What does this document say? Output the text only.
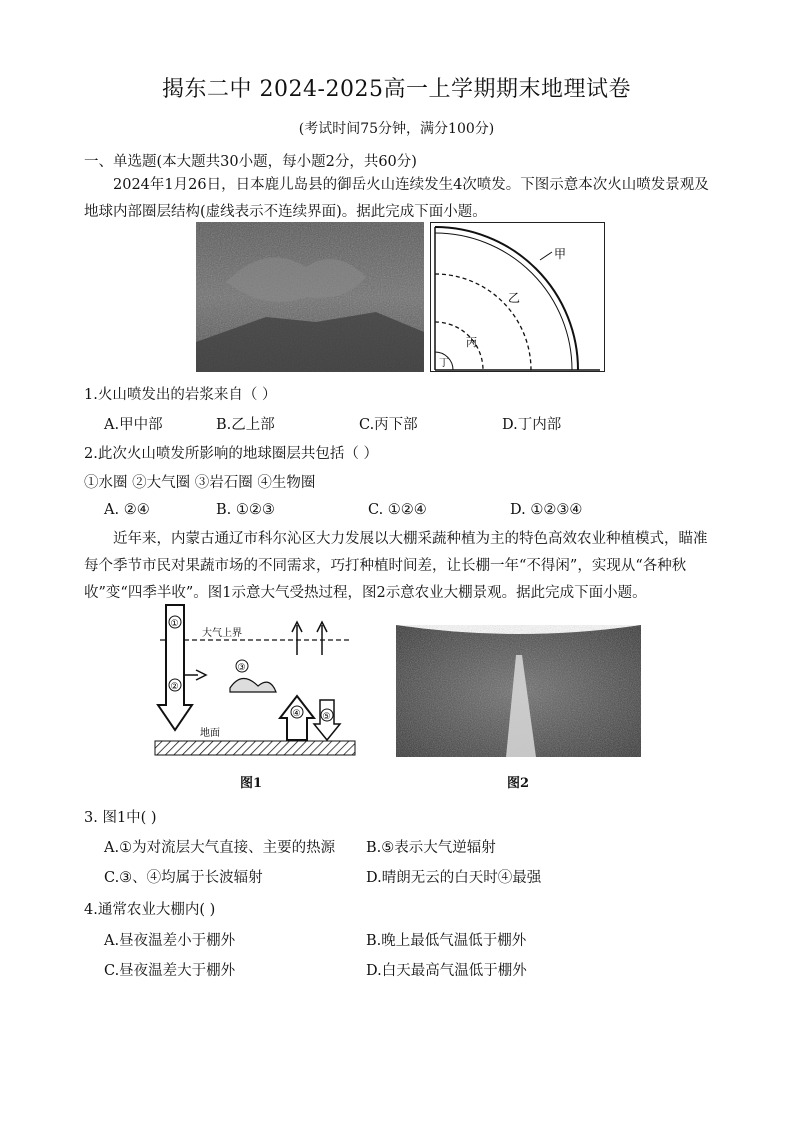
揭东二中 2024-2025高一上学期期末地理试卷
(考试时间75分钟，满分100分)
一、单选题(本大题共30小题，每小题2分，共60分)
2024年1月26日，日本鹿儿岛县的御岳火山连续发生4次喷发。下图示意本次火山喷发景观及地球内部圈层结构(虚线表示不连续界面)。据此完成下面小题。
甲
乙
丙
丁
1.火山喷发出的岩浆来自（ ）
A.甲中部	B.乙上部	C.丙下部	D.丁内部
2.此次火山喷发所影响的地球圈层共包括（ ）
①水圈 ②大气圈 ③岩石圈 ④生物圈
A. ②④	B. ①②③	C. ①②④	D. ①②③④
近年来，内蒙古通辽市科尔沁区大力发展以大棚采蔬种植为主的特色高效农业种植模式，瞄准每个季节市民对果蔬市场的不同需求，巧打种植时间差，让长棚一年“不得闲”，实现从“各种秋收”变“四季半收”。图1示意大气受热过程，图2示意农业大棚景观。据此完成下面小题。
大气上界
①
②
③
④ ⑤
地面
图1	图2
3. 图1中( )
A.①为对流层大气直接、主要的热源 B.⑤表示大气逆辐射
C.③、④均属于长波辐射	D.晴朗无云的白天时④最强
4.通常农业大棚内( )
A.昼夜温差小于棚外	B.晚上最低气温低于棚外
C.昼夜温差大于棚外	D.白天最高气温低于棚外
